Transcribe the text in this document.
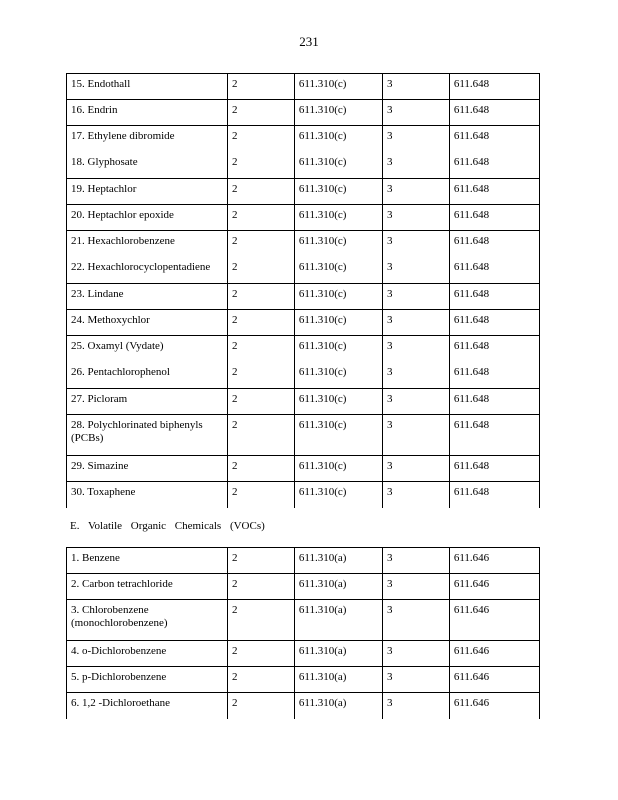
231
15. Endothall	2	611.310(c)	3	611.648
16. Endrin	2	611.310(c)	3	611.648
17. Ethylene dibromide	2	611.310(c)	3	611.648
18. Glyphosate	2	611.310(c)	3	611.648
19. Heptachlor	2	611.310(c)	3	611.648
20. Heptachlor epoxide	2	611.310(c)	3	611.648
21. Hexachlorobenzene	2	611.310(c)	3	611.648
22. Hexachlorocyclopentadiene	2	611.310(c)	3	611.648
23. Lindane	2	611.310(c)	3	611.648
24. Methoxychlor	2	611.310(c)	3	611.648
25. Oxamyl (Vydate)	2	611.310(c)	3	611.648
26. Pentachlorophenol	2	611.310(c)	3	611.648
27. Picloram	2	611.310(c)	3	611.648
28. Polychlorinated biphenyls (PCBs)	2	611.310(c)	3	611.648
29. Simazine	2	611.310(c)	3	611.648
30. Toxaphene	2	611.310(c)	3	611.648
E. Volatile Organic Chemicals (VOCs)
1. Benzene	2	611.310(a)	3	611.646
2. Carbon tetrachloride	2	611.310(a)	3	611.646
3. Chlorobenzene (monochlorobenzene)	2	611.310(a)	3	611.646
4. o-Dichlorobenzene	2	611.310(a)	3	611.646
5. p-Dichlorobenzene	2	611.310(a)	3	611.646
6. 1,2 -Dichloroethane	2	611.310(a)	3	611.646
